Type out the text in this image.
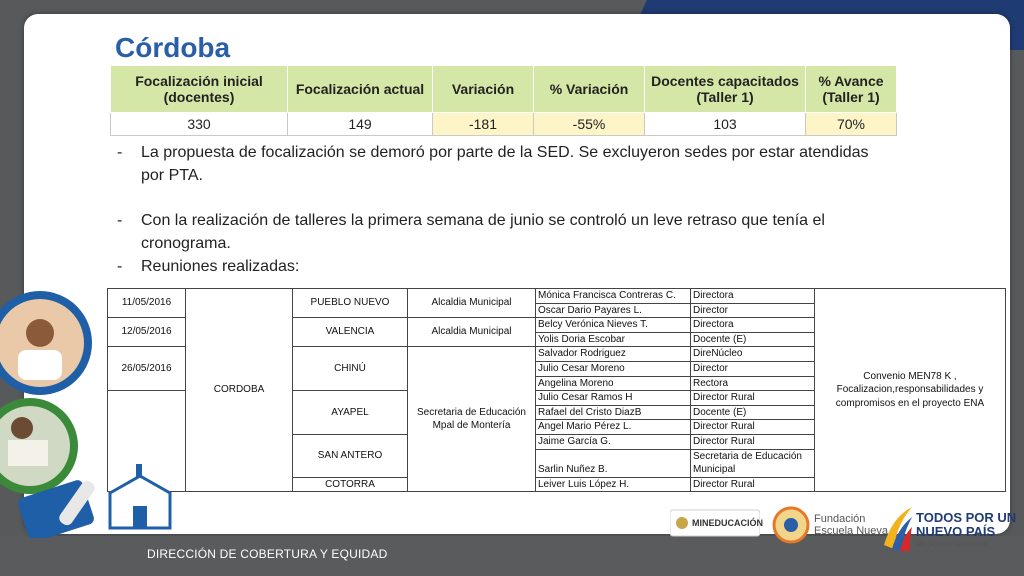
DIRECCIÓN DE COBERTURA Y EQUIDAD
Córdoba
Focalización inicial (docentes)	Focalización actual	Variación	% Variación	Docentes capacitados (Taller 1)	% Avance (Taller 1)
330	149	-181	-55%	103	70%
-	La propuesta de focalización se demoró por parte de la SED. Se excluyeron sedes por estar atendidas por PTA.
-	Con la realización de talleres la primera semana de junio se controló un leve retraso que tenía el cronograma.
-	Reuniones realizadas:
11/05/2016	CORDOBA	PUEBLO NUEVO	Alcaldia Municipal	Mónica Francisca Contreras C.	Directora	Convenio MEN78 K , Focalizacion,responsabilidades y compromisos en el proyecto ENA
				Oscar Dario Payares L.	Director	
12/05/2016		VALENCIA	Alcaldia Municipal	Belcy Verónica Nieves T.	Directora	
				Yolis Doria Escobar	Docente (E)	
26/05/2016		CHINÚ	Secretaria de Educación Mpal de Montería	Salvador Rodriguez	DireNúcleo	
				Julio Cesar Moreno	Director	
				Angelina Moreno	Rectora	
		AYAPEL		Julio Cesar Ramos H	Director Rural	
				Rafael del Cristo DiazB	Docente (E)	
				Angel Mario Pérez L.	Director Rural	
		SAN ANTERO		Jaime García G.	Director Rural	
				Sarlin Nuñez B.	Secretaria de Educación Municipal	

		COTORRA		Leiver Luis López H.	Director Rural	
MINEDUCACIÓN	Fundación
Escuela Nueva
TODOS POR UN
NUEVO PAÍS
PAZ · EQUIDAD · EDUCACIÓN
